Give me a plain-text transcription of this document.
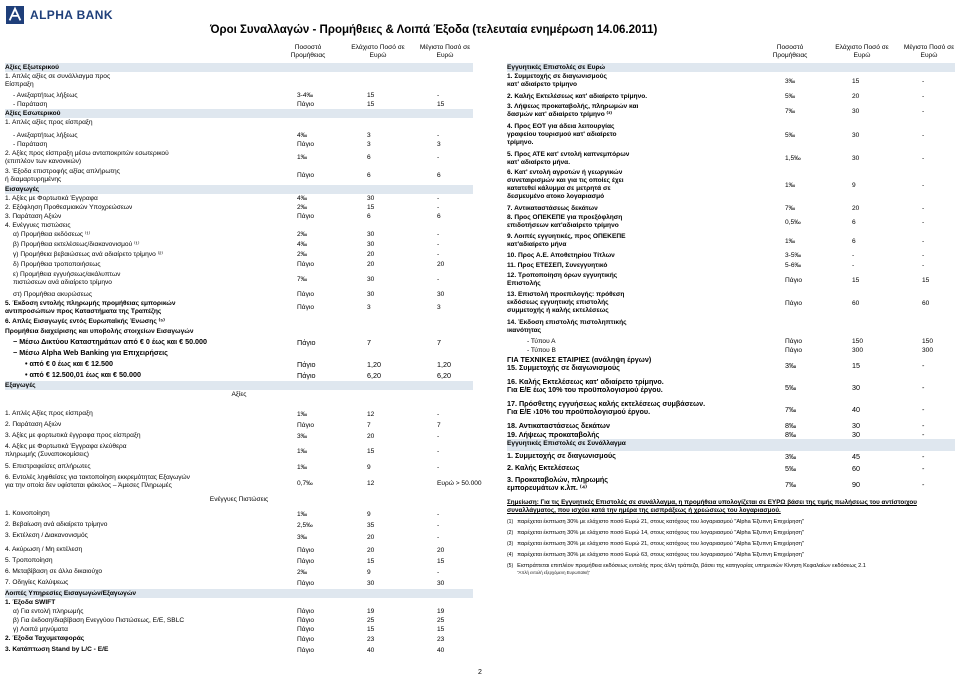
ALPHA BANK
Όροι Συναλλαγών - Προμήθειες & Λοιπά Έξοδα (τελευταία ενημέρωση 14.06.2011)
Ποσοστό Προμήθειας
Ελάχιστο Ποσό σε Ευρώ
Μέγιστο Ποσό σε Ευρώ
Αξίες Εξωτερικού
1. Απλές αξίες σε συνάλλαγμα προς
Είσπραξη
- Ανεξαρτήτως λήξεως	3-4‰	15	-
- Παράταση	Πάγιο	15	15
Αξίες Εσωτερικού
1. Απλές αξίες προς είσπραξη
- Ανεξαρτήτως λήξεως	4‰	3	-
- Παράταση	Πάγιο	3	3
2. Αξίες προς είσπραξη μέσω ανταποκριτών εσωτερικού
(επιπλέον των κανονικών)
1‰	6	-
3. Έξοδα επιστροφής αξίας απλήρωτης
ή διαμαρτυρημένης
Πάγιο	6	6
Εισαγωγές
1. Αξίες με Φορτωτικά Έγγραφα	4‰	30	-
2. Εξόφληση Προθεσμιακών Υποχρεώσεων	2‰	15	-
3. Παράταση Αξιών	Πάγιο	6	6
4. Ενέγγυες πιστώσεις
α) Προμήθεια εκδόσεως ⁽¹⁾	2‰	30	-
β) Προμήθεια εκτελέσεως/διακανονισμού ⁽¹⁾	4‰	30	-
γ) Προμήθεια βεβαιώσεως ανά αδιαίρετο τρίμηνο ⁽²⁾	2‰	20	-
δ) Προμήθεια τροποποιήσεως	Πάγιο	20	20
ε) Προμήθεια εγγυήσεως/ακάλυπτων
πιστώσεων ανά αδιαίρετο τρίμηνο	7‰	30	-
στ) Προμήθεια ακυρώσεως	Πάγιο	30	30
5. Έκδοση εντολής πληρωμής προμήθειας εμπορικών
αντιπροσώπων προς Καταστήματα της Τραπέζης
Πάγιο	3	3
6. Απλές Εισαγωγές εντός Ευρωπαϊκής Ένωσης ⁽⁵⁾
Προμήθεια διαχείρισης και υποβολής στοιχείων Εισαγωγών
− Μέσω Δικτύου Καταστημάτων από € 0 έως και € 50.000	Πάγιο	7	7
− Μέσω Alpha Web Banking για Επιχειρήσεις
• από € 0 έως και € 12.500	Πάγιο	1,20	1,20
• από € 12.500,01 έως και € 50.000	Πάγιο	6,20	6,20
Εξαγωγές
Αξίες
1. Απλές Αξίες προς είσπραξη	1‰	12	-
2. Παράταση Αξιών	Πάγιο	7	7
3. Αξίες με φορτωτικά έγγραφα προς είσπραξη	3‰	20	-
4. Αξίες με Φορτωτικά Έγγραφα ελεύθερα
πληρωμής (Συναποκομίσεις)	1‰	15	-
5. Επιστραφείσες απλήρωτες	1‰	9	-
6. Εντολές ληφθείσες για τακτοποίηση εκκρεμότητας Εξαγωγών
για την οποία δεν υφίσταται φάκελος – Άμεσες Πληρωμές	0,7‰	12	Ευρώ > 50.000
Ενέγγυες Πιστώσεις
1. Κοινοποίηση	1‰	9	-
2. Βεβαίωση ανά αδιαίρετο τρίμηνο	2,5‰	35	-
3. Εκτέλεση / Διακανονισμός	3‰	20	-
4. Ακύρωση / Μη εκτέλεση	Πάγιο	20	20
5. Τροποποίηση	Πάγιο	15	15
6. Μεταβίβαση σε άλλο δικαιούχο	2‰	9	-
7. Οδηγίες Καλύψεως	Πάγιο	30	30
Λοιπές Υπηρεσίες Εισαγωγών/Εξαγωγών
1. Έξοδα SWIFT
α) Για εντολή πληρωμής	Πάγιο	19	19
β) Για έκδοση/διαβίβαση Ενεγγύου Πιστώσεως, Ε/Ε, SBLC	Πάγιο	25	25
γ) Λοιπά μηνύματα	Πάγιο	15	15
2. Έξοδα Ταχυμεταφοράς	Πάγιο	23	23
3. Κατάπτωση Stand by L/C - Ε/Ε	Πάγιο	40	40
Ποσοστό Προμήθειας
Ελάχιστο Ποσό σε Ευρώ
Μέγιστο Ποσό σε Ευρώ
Εγγυητικές Επιστολές σε Ευρώ
1. Συμμετοχής σε διαγωνισμούς
κατ' αδιαίρετο τρίμηνο	3‰	15	-
2. Καλής Εκτελέσεως κατ' αδιαίρετο τρίμηνο.	5‰	20	-
3. Λήψεως προκαταβολής, πληρωμών και
δασμών κατ' αδιαίρετο τρίμηνο ⁽³⁾	7‰	30	-
4. Προς ΕΟΤ για άδεια λειτουργίας
γραφείου τουρισμού κατ' αδιαίρετο
τρίμηνο.
5‰	30	-
5. Προς ΑΤΕ κατ' εντολή καπνεμπόρων
κατ' αδιαίρετο μήνα.
1,5‰	30	-
6. Κατ' εντολή αγροτών ή γεωργικών
συνεταιρισμών και για τις οποίες έχει
κατατεθεί κάλυμμα σε μετρητά σε
δεσμευμένο ατοκο λογαριασμό
1‰	9	-
7. Αντικαταστάσεως δεκάτων	7‰	20	-
8. Προς ΟΠΕΚΕΠΕ για προεξόφληση
επιδοτήσεων κατ'αδιαίρετο τρίμηνο	0,5‰	6	-
9. Λοιπές εγγυητικές, προς ΟΠΕΚΕΠΕ
κατ'αδιαίρετο μήνα	1‰	6	-
10. Προς Α.Ε. Αποθετηρίου Τίτλων	3-5‰	-	-
11. Προς ΕΤΕΣΕΠ, Συνεγγυητικό	5-6‰	-	-
12. Τροποποίηση όρων εγγυητικής
Επιστολής	Πάγιο	15	15
13. Επιστολή προεπιλογής: πρόθεση
εκδόσεως εγγυητικής επιστολής
συμμετοχής ή καλής εκτελέσεως
Πάγιο	60	60
14. Έκδοση επιστολής πιστοληπτικής
ικανότητας
- Τύπου Α	Πάγιο	150	150
- Τύπου Β	Πάγιο	300	300
ΓΙΑ ΤΕΧΝΙΚΕΣ ΕΤΑΙΡΙΕΣ (ανάληψη έργων)
15. Συμμετοχής σε διαγωνισμούς	3‰	15	-
16. Καλής Εκτελέσεως κατ' αδιαίρετο τρίμηνο.
Για Ε/Ε έως 10% του προϋπολογισμού έργου.	5‰	30	-
17. Πρόσθετης εγγυήσεως καλής εκτελέσεως συμβάσεων.
Για Ε/Ε ›10% του προϋπολογισμού έργου.	7‰	40	-
18. Αντικαταστάσεως δεκάτων	8‰	30	-
19. Λήψεως προκαταβολής	8‰	30	-
Εγγυητικές Επιστολές σε Συνάλλαγμα
1. Συμμετοχής σε διαγωνισμούς	3‰	45	-
2. Καλής Εκτελέσεως	5‰	60	-
3. Προκαταβολών, πληρωμής
εμπορευμάτων κ.λπ. ⁽⁴⁾	7‰	90	-
Σημείωση: Για τις Εγγυητικές Επιστολές σε συνάλλαγμα, η προμήθεια υπολογίζεται σε ΕΥΡΩ βάσει της τιμής πωλήσεως του αντίστοιχου συναλλάγματος, που ισχύει κατά την ημέρα της εισπράξεως ή χρεώσεως του λογαριασμού.
(1) παρέχεται έκπτωση 30% με ελάχιστο ποσό Ευρώ 21, στους κατόχους του λογαριασμού "Alpha Έξυπνη Επιχείρηση"
(2) παρέχεται έκπτωση 30% με ελάχιστο ποσό Ευρώ 14, στους κατόχους του λογαριασμού "Alpha Έξυπνη Επιχείρηση"
(3) παρέχεται έκπτωση 30% με ελάχιστο ποσό Ευρώ 21, στους κατόχους του λογαριασμού "Alpha Έξυπνη Επιχείρηση"
(4) παρέχεται έκπτωση 30% με ελάχιστο ποσό Ευρώ 63, στους κατόχους του λογαριασμού "Alpha Έξυπνη Επιχείρηση"
(5) Εισπράττεται επιπλέον προμήθεια εκδόσεως εντολής προς άλλη τράπεζα, βάσει της κατηγορίας υπηρεσιών Κίνηση Κεφαλαίων εκδόσεως 2.1
"Απλή εντολή εξερχόμενη Ευρωπαϊκή"
2
